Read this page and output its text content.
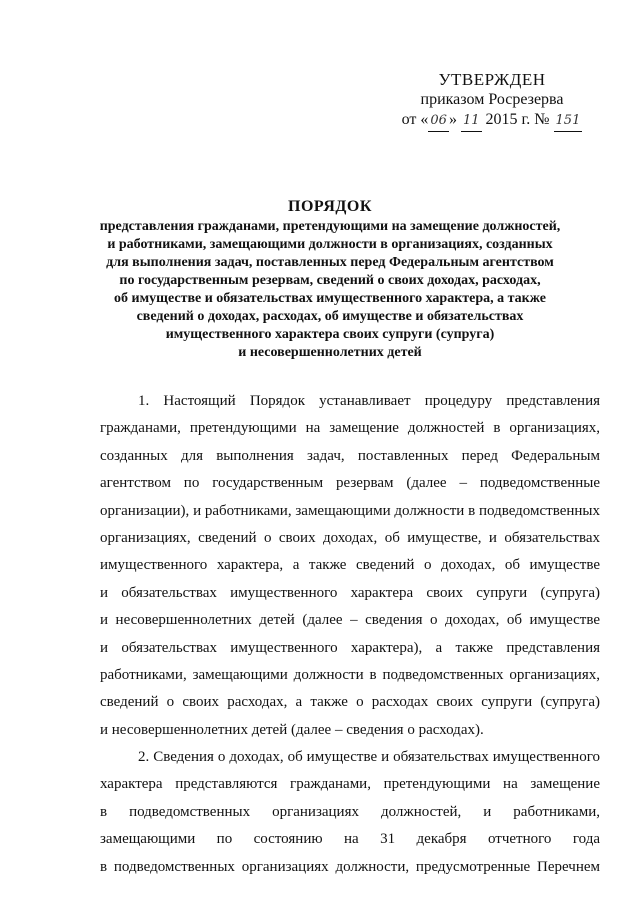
УТВЕРЖДЕН
приказом Росрезерва
от « 06 » 11 2015 г. № 151
ПОРЯДОК
представления гражданами, претендующими на замещение должностей,
и работниками, замещающими должности в организациях, созданных
для выполнения задач, поставленных перед Федеральным агентством
по государственным резервам, сведений о своих доходах, расходах,
об имуществе и обязательствах имущественного характера, а также
сведений о доходах, расходах, об имуществе и обязательствах
имущественного характера своих супруги (супруга)
и несовершеннолетних детей
1. Настоящий Порядок устанавливает процедуру представления
гражданами, претендующими на замещение должностей в организациях,
созданных для выполнения задач, поставленных перед Федеральным
агентством по государственным резервам (далее – подведомственные
организации), и работниками, замещающими должности в подведомственных
организациях, сведений о своих доходах, об имуществе, и обязательствах
имущественного характера, а также сведений о доходах, об имуществе
и обязательствах имущественного характера своих супруги (супруга)
и несовершеннолетних детей (далее – сведения о доходах, об имуществе
и обязательствах имущественного характера), а также представления
работниками, замещающими должности в подведомственных организациях,
сведений о своих расходах, а также о расходах своих супруги (супруга)
и несовершеннолетних детей (далее – сведения о расходах).
2. Сведения о доходах, об имуществе и обязательствах имущественного
характера представляются гражданами, претендующими на замещение
в подведомственных организациях должностей, и работниками,
замещающими по состоянию на 31 декабря отчетного года
в подведомственных организациях должности, предусмотренные Перечнем
